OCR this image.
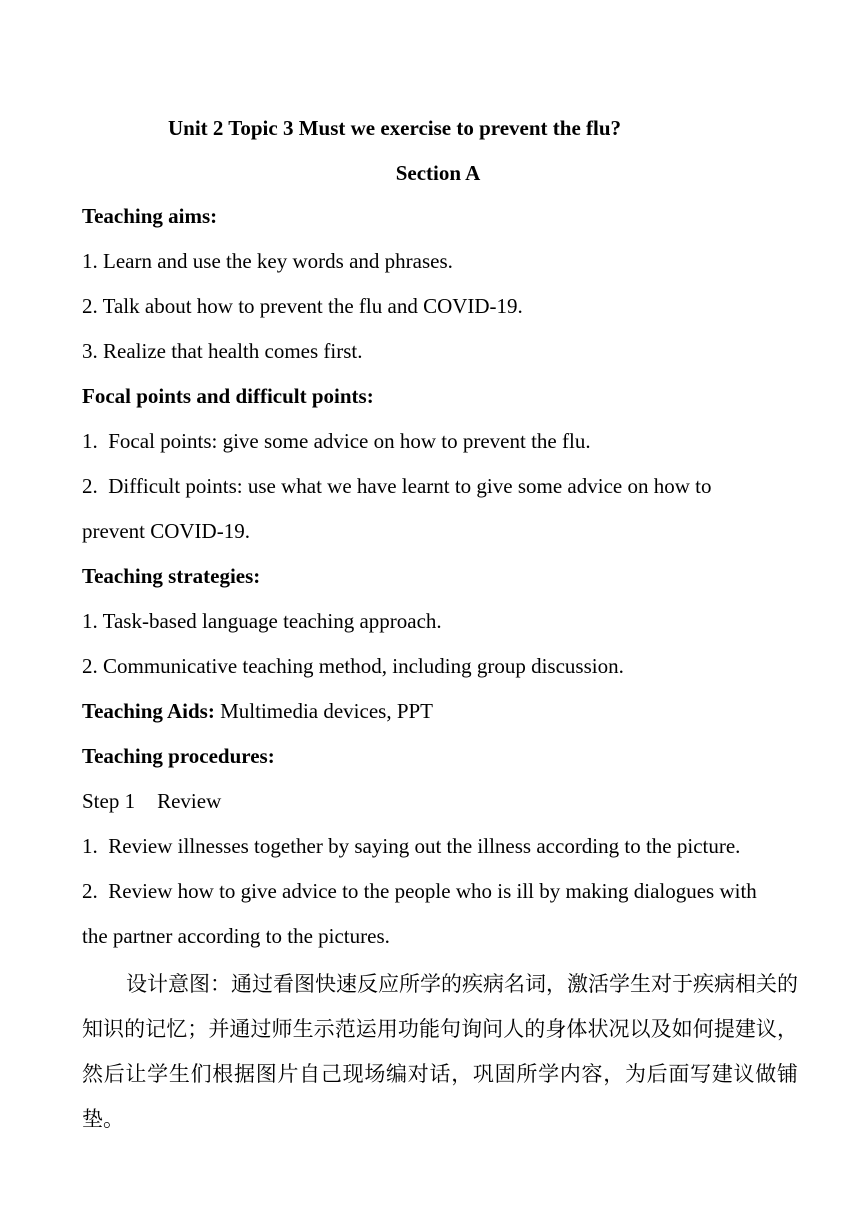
Unit 2 Topic 3 Must we exercise to prevent the flu?
Section A
Teaching aims:
1. Learn and use the key words and phrases.
2. Talk about how to prevent the flu and COVID-19.
3. Realize that health comes first.
Focal points and difficult points:
1.  Focal points: give some advice on how to prevent the flu.
2.  Difficult points: use what we have learnt to give some advice on how to
prevent COVID-19.
Teaching strategies:
1. Task-based language teaching approach.
2. Communicative teaching method, including group discussion.
Teaching Aids: Multimedia devices, PPT
Teaching procedures:
Step 1 Review
1.  Review illnesses together by saying out the illness according to the picture.
2.  Review how to give advice to the people who is ill by making dialogues with
the partner according to the pictures.
设计意图：通过看图快速反应所学的疾病名词，激活学生对于疾病相关的知识的记忆；并通过师生示范运用功能句询问人的身体状况以及如何提建议，然后让学生们根据图片自己现场编对话，巩固所学内容，为后面写建议做铺垫。
